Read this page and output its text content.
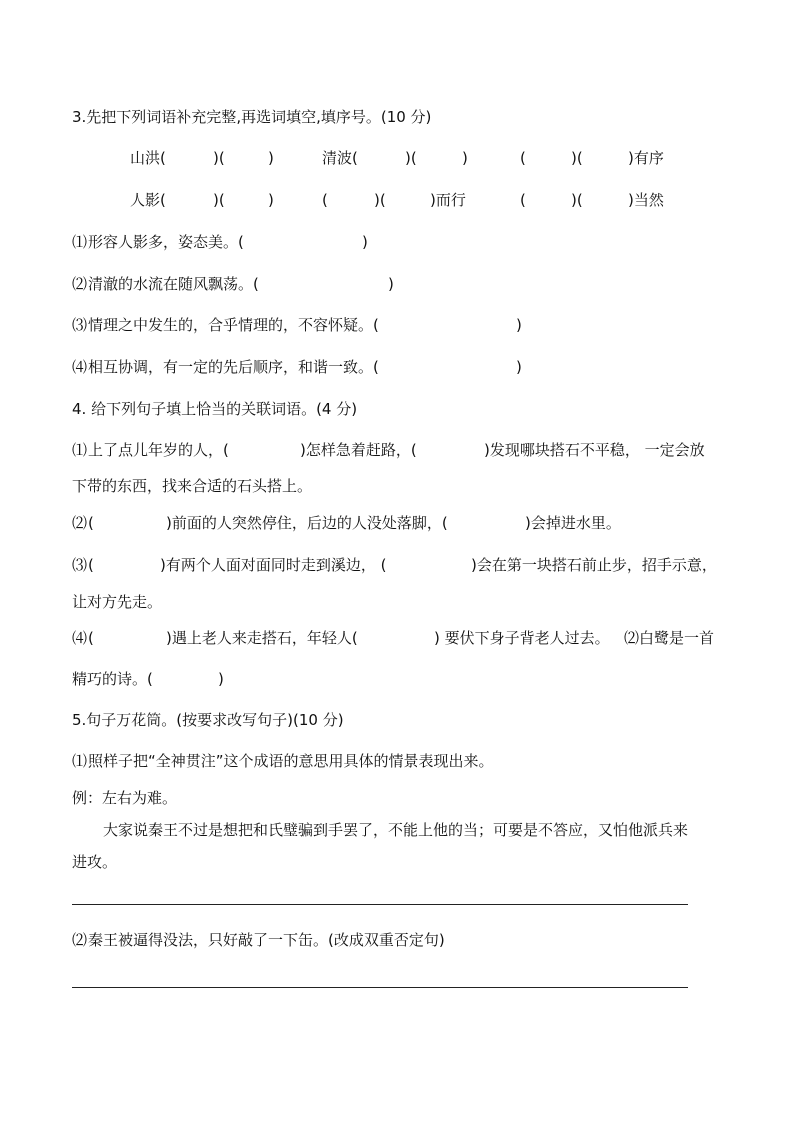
3.先把下列词语补充完整,再选词填空,填序号。(10 分)
山洪(	)(	)	清波(	)(	)	(	)(	)有序
人影(	)(	)	(	)(	)而行	(	)(	)当然
⑴ 形容人影多，姿态美。(	)
⑵ 清澈的水流在随风飘荡。(	)
⑶ 情理之中发生的，合乎情理的，不容怀疑。(	)
⑷ 相互协调，有一定的先后顺序，和谐一致。(	)
4. 给下列句子填上恰当的关联词语。(4 分)
⑴ 上了点儿年岁的人，(	)怎样急着赶路，(	)发现哪块搭石不平稳， 一定会放
下带的东西，找来合适的石头搭上。
⑵ (	)前面的人突然停住，后边的人没处落脚，(	)会掉进水里。
⑶ (	)有两个人面对面同时走到溪边， (	)会在第一块搭石前止步，招手示意，
让对方先走。
⑷ (	)遇上老人来走搭石，年轻人(	) 要伏下身子背老人过去。 ⑵白鹭是一首
精巧的诗。(	)
5.句子万花筒。(按要求改写句子)(10 分)
⑴ 照样子把“全神贯注”这个成语的意思用具体的情景表现出来。
例：左右为难。
大家说秦王不过是想把和氏璧骗到手罢了，不能上他的当；可要是不答应，又怕他派兵来
进攻。
⑵ 秦王被逼得没法，只好敲了一下缶。(改成双重否定句)
